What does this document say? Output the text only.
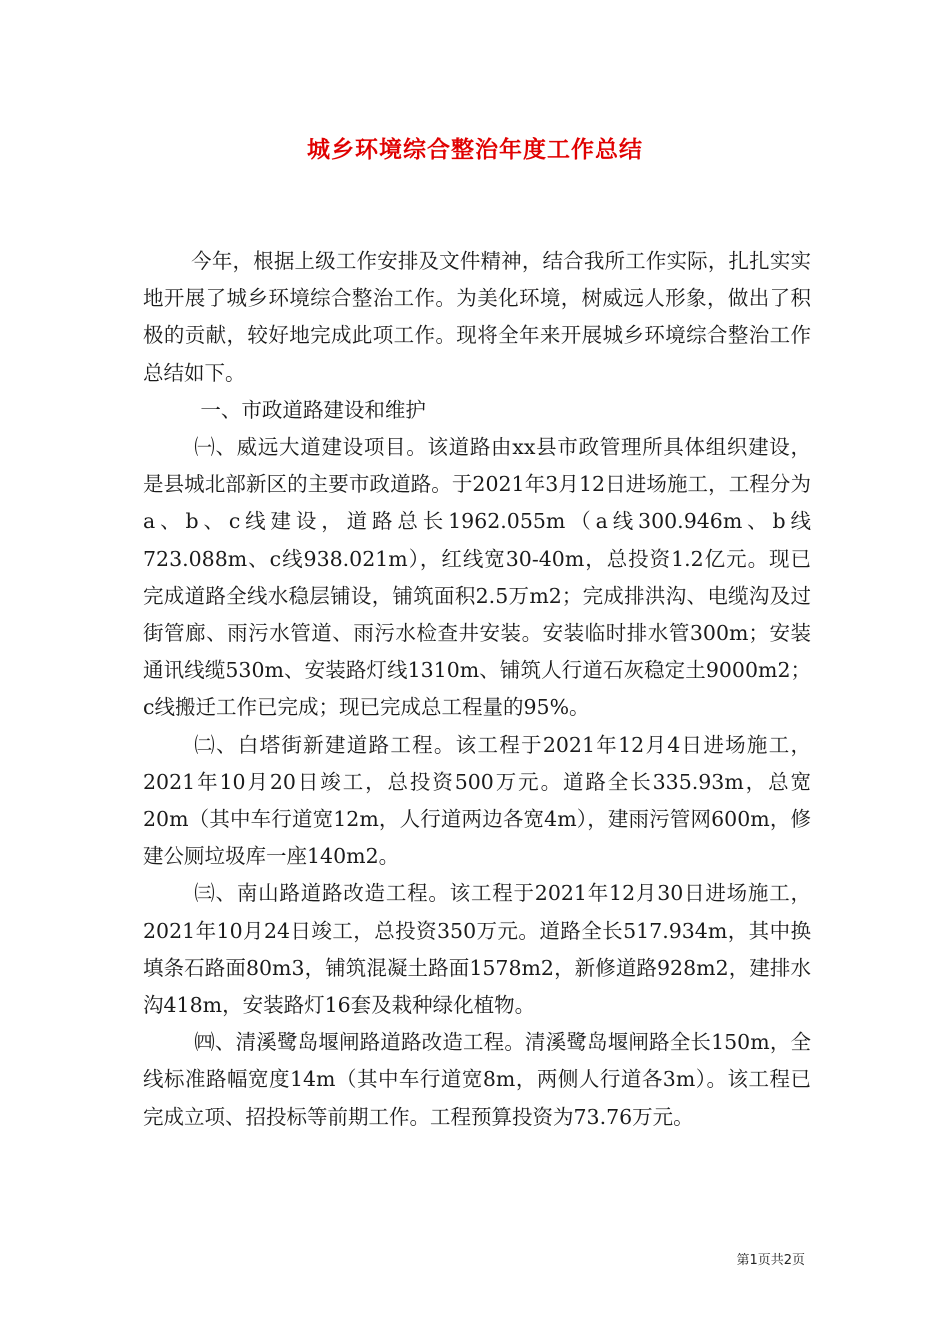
城乡环境综合整治年度工作总结

今年，根据上级工作安排及文件精神，结合我所工作实际，扎扎实实地开展了城乡环境综合整治工作。为美化环境，树威远人形象，做出了积极的贡献，较好地完成此项工作。现将全年来开展城乡环境综合整治工作总结如下。

一、市政道路建设和维护

㈠、威远大道建设项目。该道路由xx县市政管理所具体组织建设，是县城北部新区的主要市政道路。于2021年3月12日进场施工，工程分为a、b、c线建设，道路总长1962.055m（a线300.946m、b线723.088m、c线938.021m），红线宽30-40m，总投资1.2亿元。现已完成道路全线水稳层铺设，铺筑面积2.5万m2；完成排洪沟、电缆沟及过街管廊、雨污水管道、雨污水检查井安装。安装临时排水管300m；安装通讯线缆530m、安装路灯线1310m、铺筑人行道石灰稳定土9000m2；c线搬迁工作已完成；现已完成总工程量的95%。

㈡、白塔街新建道路工程。该工程于2021年12月4日进场施工，2021年10月20日竣工，总投资500万元。道路全长335.93m，总宽20m（其中车行道宽12m，人行道两边各宽4m），建雨污管网600m，修建公厕垃圾库一座140m2。

㈢、南山路道路改造工程。该工程于2021年12月30日进场施工，2021年10月24日竣工，总投资350万元。道路全长517.934m，其中换填条石路面80m3，铺筑混凝土路面1578m2，新修道路928m2，建排水沟418m，安装路灯16套及栽种绿化植物。

㈣、清溪鹭岛堰闸路道路改造工程。清溪鹭岛堰闸路全长150m，全线标准路幅宽度14m（其中车行道宽8m，两侧人行道各3m）。该工程已完成立项、招投标等前期工作。工程预算投资为73.76万元。

第1页共2页
